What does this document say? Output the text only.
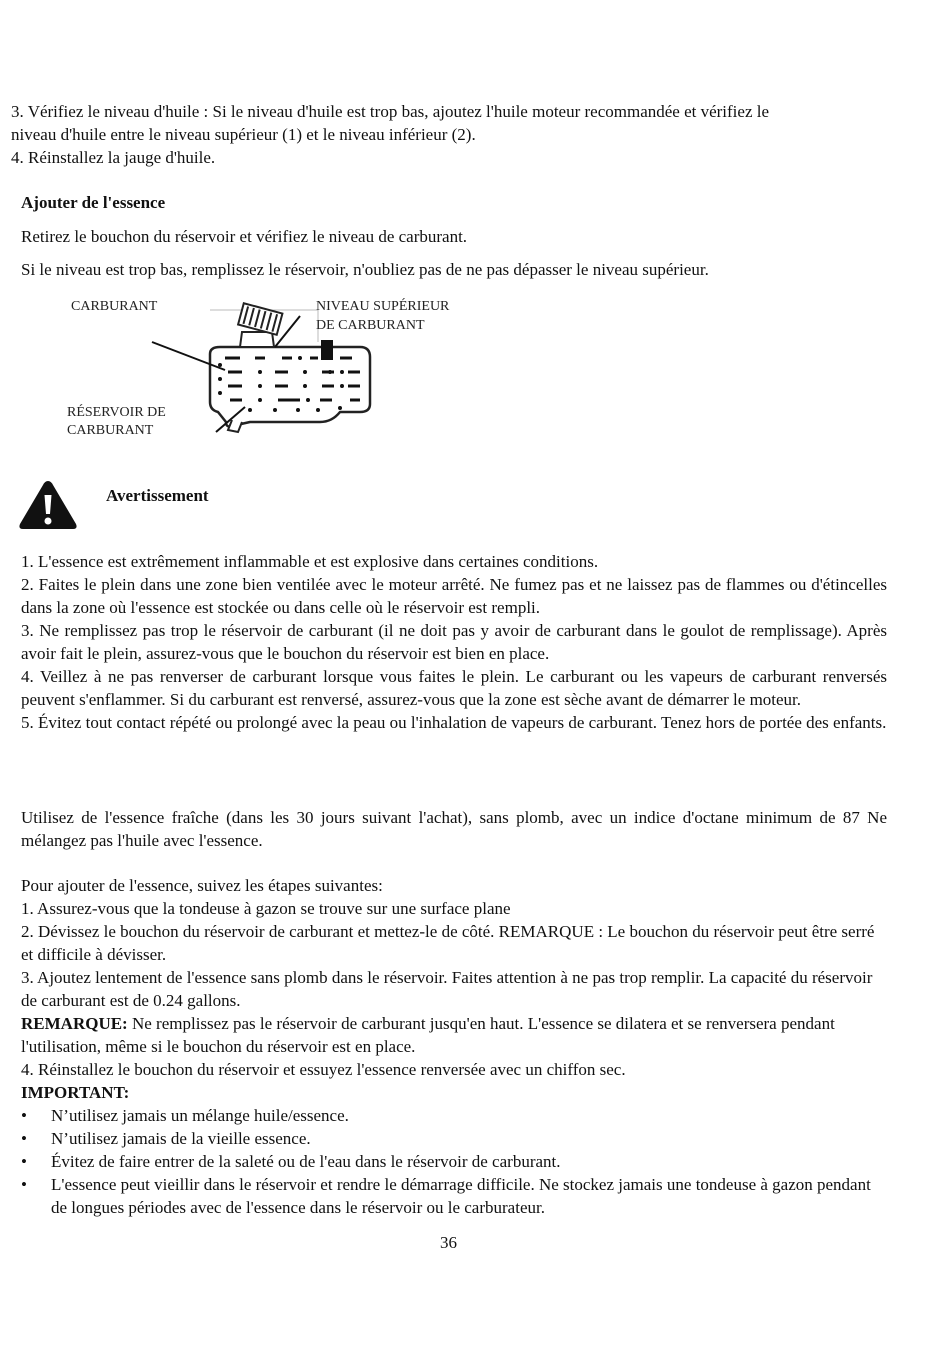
3. Vérifiez le niveau d'huile : Si le niveau d'huile est trop bas, ajoutez l'huile moteur recommandée et vérifiez le
niveau d'huile entre le niveau supérieur (1) et le niveau inférieur (2).
4. Réinstallez la jauge d'huile.
Ajouter de l'essence
Retirez le bouchon du réservoir et vérifiez le niveau de carburant.
Si le niveau est trop bas, remplissez le réservoir, n'oubliez pas de ne pas dépasser le niveau supérieur.
CARBURANT	NIVEAU SUPÉRIEUR
DE CARBURANT
RÉSERVOIR DE
CARBURANT
Avertissement
1. L'essence est extrêmement inflammable et est explosive dans certaines conditions.
2. Faites le plein dans une zone bien ventilée avec le moteur arrêté. Ne fumez pas et ne laissez pas de flammes ou d'étincelles dans la zone où l'essence est stockée ou dans celle où le réservoir est rempli.
3. Ne remplissez pas trop le réservoir de carburant (il ne doit pas y avoir de carburant dans le goulot de remplissage). Après avoir fait le plein, assurez-vous que le bouchon du réservoir est bien en place.
4. Veillez à ne pas renverser de carburant lorsque vous faites le plein. Le carburant ou les vapeurs de carburant renversés peuvent s'enflammer. Si du carburant est renversé, assurez-vous que la zone est sèche avant de démarrer le moteur.
5. Évitez tout contact répété ou prolongé avec la peau ou l'inhalation de vapeurs de carburant. Tenez hors de portée des enfants.
Utilisez de l'essence fraîche (dans les 30 jours suivant l'achat), sans plomb, avec un indice d'octane minimum de 87 Ne mélangez pas l'huile avec l'essence.
Pour ajouter de l'essence, suivez les étapes suivantes:
1. Assurez-vous que la tondeuse à gazon se trouve sur une surface plane
2. Dévissez le bouchon du réservoir de carburant et mettez-le de côté. REMARQUE : Le bouchon du réservoir peut être serré et difficile à dévisser.
3. Ajoutez lentement de l'essence sans plomb dans le réservoir. Faites attention à ne pas trop remplir. La capacité du réservoir de carburant est de 0.24 gallons.
REMARQUE: Ne remplissez pas le réservoir de carburant jusqu'en haut. L'essence se dilatera et se renversera pendant l'utilisation, même si le bouchon du réservoir est en place.
4. Réinstallez le bouchon du réservoir et essuyez l'essence renversée avec un chiffon sec.
IMPORTANT:
• N’utilisez jamais un mélange huile/essence.
• N’utilisez jamais de la vieille essence.
• Évitez de faire entrer de la saleté ou de l'eau dans le réservoir de carburant.
• L'essence peut vieillir dans le réservoir et rendre le démarrage difficile. Ne stockez jamais une tondeuse à gazon pendant de longues périodes avec de l'essence dans le réservoir ou le carburateur.
36
